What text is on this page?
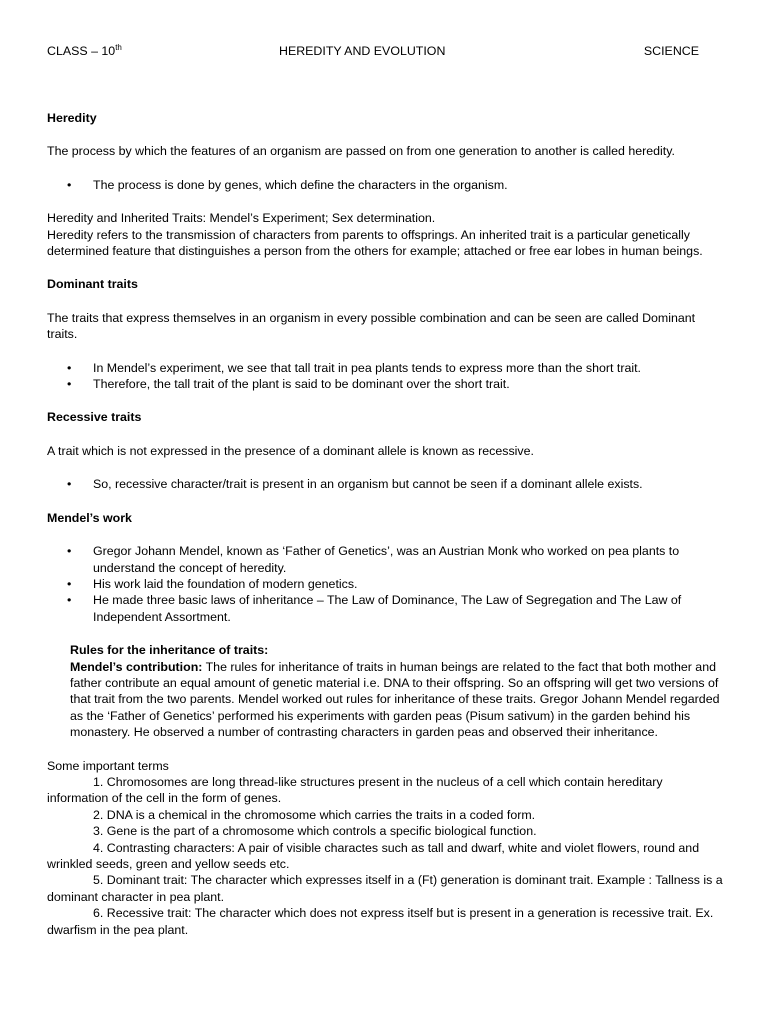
CLASS – 10th	HEREDITY AND EVOLUTION	SCIENCE

Heredity

The process by which the features of an organism are passed on from one generation to another is called heredity.

• The process is done by genes, which define the characters in the organism.

Heredity and Inherited Traits: Mendel’s Experiment; Sex determination.

Heredity refers to the transmission of characters from parents to offsprings. An inherited trait is a particular genetically determined feature that distinguishes a person from the others for example; attached or free ear lobes in human beings.

Dominant traits

The traits that express themselves in an organism in every possible combination and can be seen are called Dominant traits.

• In Mendel’s experiment, we see that tall trait in pea plants tends to express more than the short trait.
• Therefore, the tall trait of the plant is said to be dominant over the short trait.

Recessive traits

A trait which is not expressed in the presence of a dominant allele is known as recessive.

• So, recessive character/trait is present in an organism but cannot be seen if a dominant allele exists.

Mendel’s work

• Gregor Johann Mendel, known as ‘Father of Genetics’, was an Austrian Monk who worked on pea plants to understand the concept of heredity.
• His work laid the foundation of modern genetics.
• He made three basic laws of inheritance – The Law of Dominance, The Law of Segregation and The Law of Independent Assortment.

Rules for the inheritance of traits:

Mendel’s contribution: The rules for inheritance of traits in human beings are related to the fact that both mother and father contribute an equal amount of genetic material i.e. DNA to their offspring. So an offspring will get two versions of that trait from the two parents. Mendel worked out rules for inheritance of these traits. Gregor Johann Mendel regarded as the ‘Father of Genetics’ performed his experiments with garden peas (Pisum sativum) in the garden behind his monastery. He observed a number of contrasting characters in garden peas and observed their inheritance.

Some important terms

1. Chromosomes are long thread-like structures present in the nucleus of a cell which contain hereditary information of the cell in the form of genes.

2. DNA is a chemical in the chromosome which carries the traits in a coded form.

3. Gene is the part of a chromosome which controls a specific biological function.

4. Contrasting characters: A pair of visible charactes such as tall and dwarf, white and violet flowers, round and wrinkled seeds, green and yellow seeds etc.

5. Dominant trait: The character which expresses itself in a (Ft) generation is dominant trait. Example : Tallness is a dominant character in pea plant.

6. Recessive trait: The character which does not express itself but is present in a generation is recessive trait. Ex. dwarfism in the pea plant.
